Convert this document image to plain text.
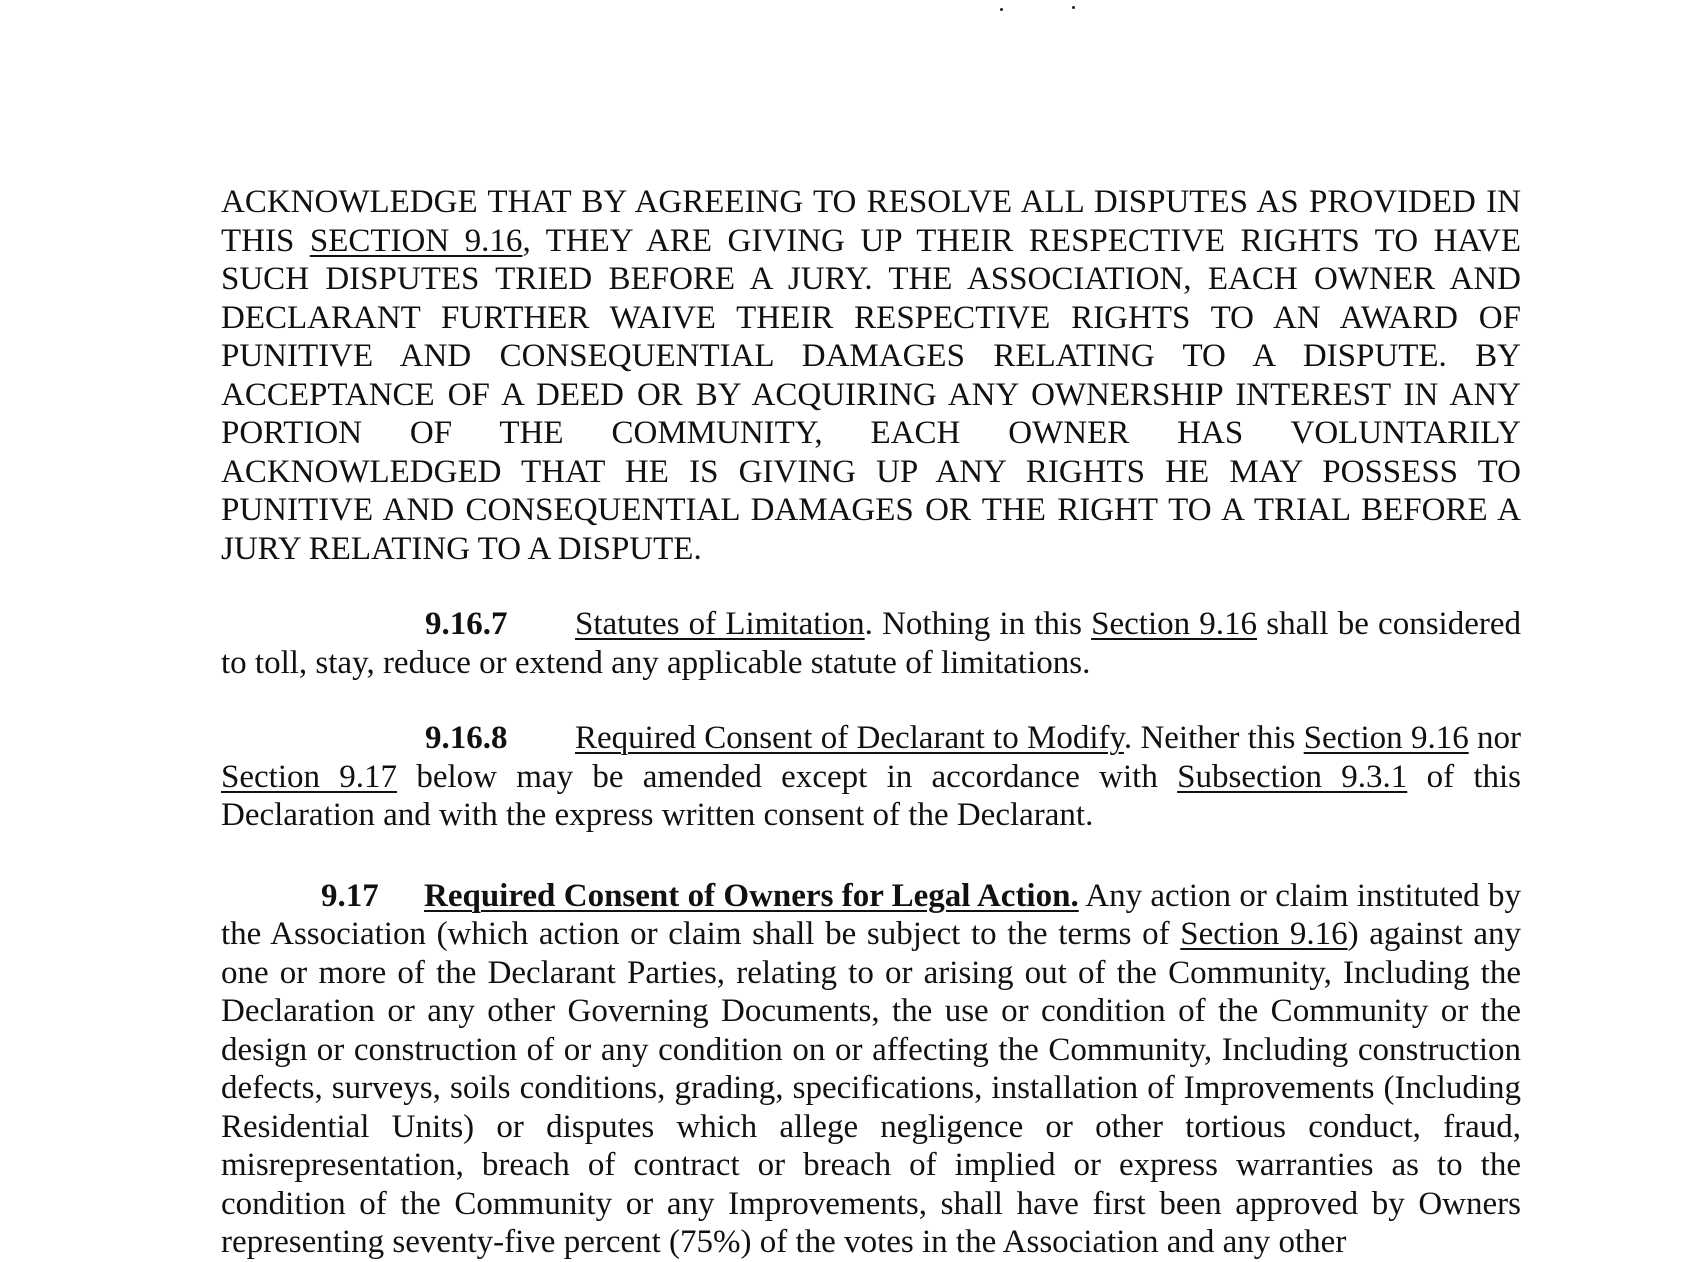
ACKNOWLEDGE THAT BY AGREEING TO RESOLVE ALL DISPUTES AS PROVIDED IN THIS SECTION 9.16, THEY ARE GIVING UP THEIR RESPECTIVE RIGHTS TO HAVE SUCH DISPUTES TRIED BEFORE A JURY. THE ASSOCIATION, EACH OWNER AND DECLARANT FURTHER WAIVE THEIR RESPECTIVE RIGHTS TO AN AWARD OF PUNITIVE AND CONSEQUENTIAL DAMAGES RELATING TO A DISPUTE. BY ACCEPTANCE OF A DEED OR BY ACQUIRING ANY OWNERSHIP INTEREST IN ANY PORTION OF THE COMMUNITY, EACH OWNER HAS VOLUNTARILY ACKNOWLEDGED THAT HE IS GIVING UP ANY RIGHTS HE MAY POSSESS TO PUNITIVE AND CONSEQUENTIAL DAMAGES OR THE RIGHT TO A TRIAL BEFORE A JURY RELATING TO A DISPUTE.

9.16.7 Statutes of Limitation. Nothing in this Section 9.16 shall be considered to toll, stay, reduce or extend any applicable statute of limitations.

9.16.8 Required Consent of Declarant to Modify. Neither this Section 9.16 nor Section 9.17 below may be amended except in accordance with Subsection 9.3.1 of this Declaration and with the express written consent of the Declarant.

9.17 Required Consent of Owners for Legal Action. Any action or claim instituted by the Association (which action or claim shall be subject to the terms of Section 9.16) against any one or more of the Declarant Parties, relating to or arising out of the Community, Including the Declaration or any other Governing Documents, the use or condition of the Community or the design or construction of or any condition on or affecting the Community, Including construction defects, surveys, soils conditions, grading, specifications, installation of Improvements (Including Residential Units) or disputes which allege negligence or other tortious conduct, fraud, misrepresentation, breach of contract or breach of implied or express warranties as to the condition of the Community or any Improvements, shall have first been approved by Owners representing seventy-five percent (75%) of the votes in the Association and any other
